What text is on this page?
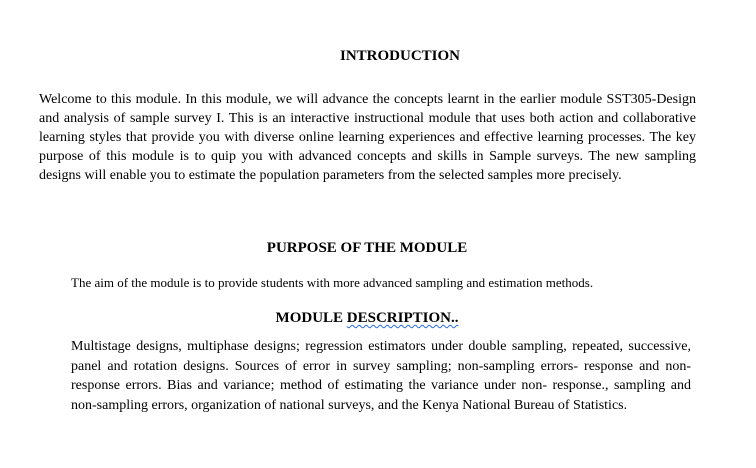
INTRODUCTION

Welcome to this module. In this module, we will advance the concepts learnt in the earlier module SST305-Design and analysis of sample survey I. This is an interactive instructional module that uses both action and collaborative learning styles that provide you with diverse online learning experiences and effective learning processes. The key purpose of this module is to quip you with advanced concepts and skills in Sample surveys. The new sampling designs will enable you to estimate the population parameters from the selected samples more precisely.

PURPOSE OF THE MODULE

The aim of the module is to provide students with more advanced sampling and estimation methods.

MODULE DESCRIPTION..

Multistage designs, multiphase designs; regression estimators under double sampling, repeated, successive, panel and rotation designs. Sources of error in survey sampling; non-sampling errors- response and non-response errors. Bias and variance; method of estimating the variance under non- response., sampling and non-sampling errors, organization of national surveys, and the Kenya National Bureau of Statistics.
